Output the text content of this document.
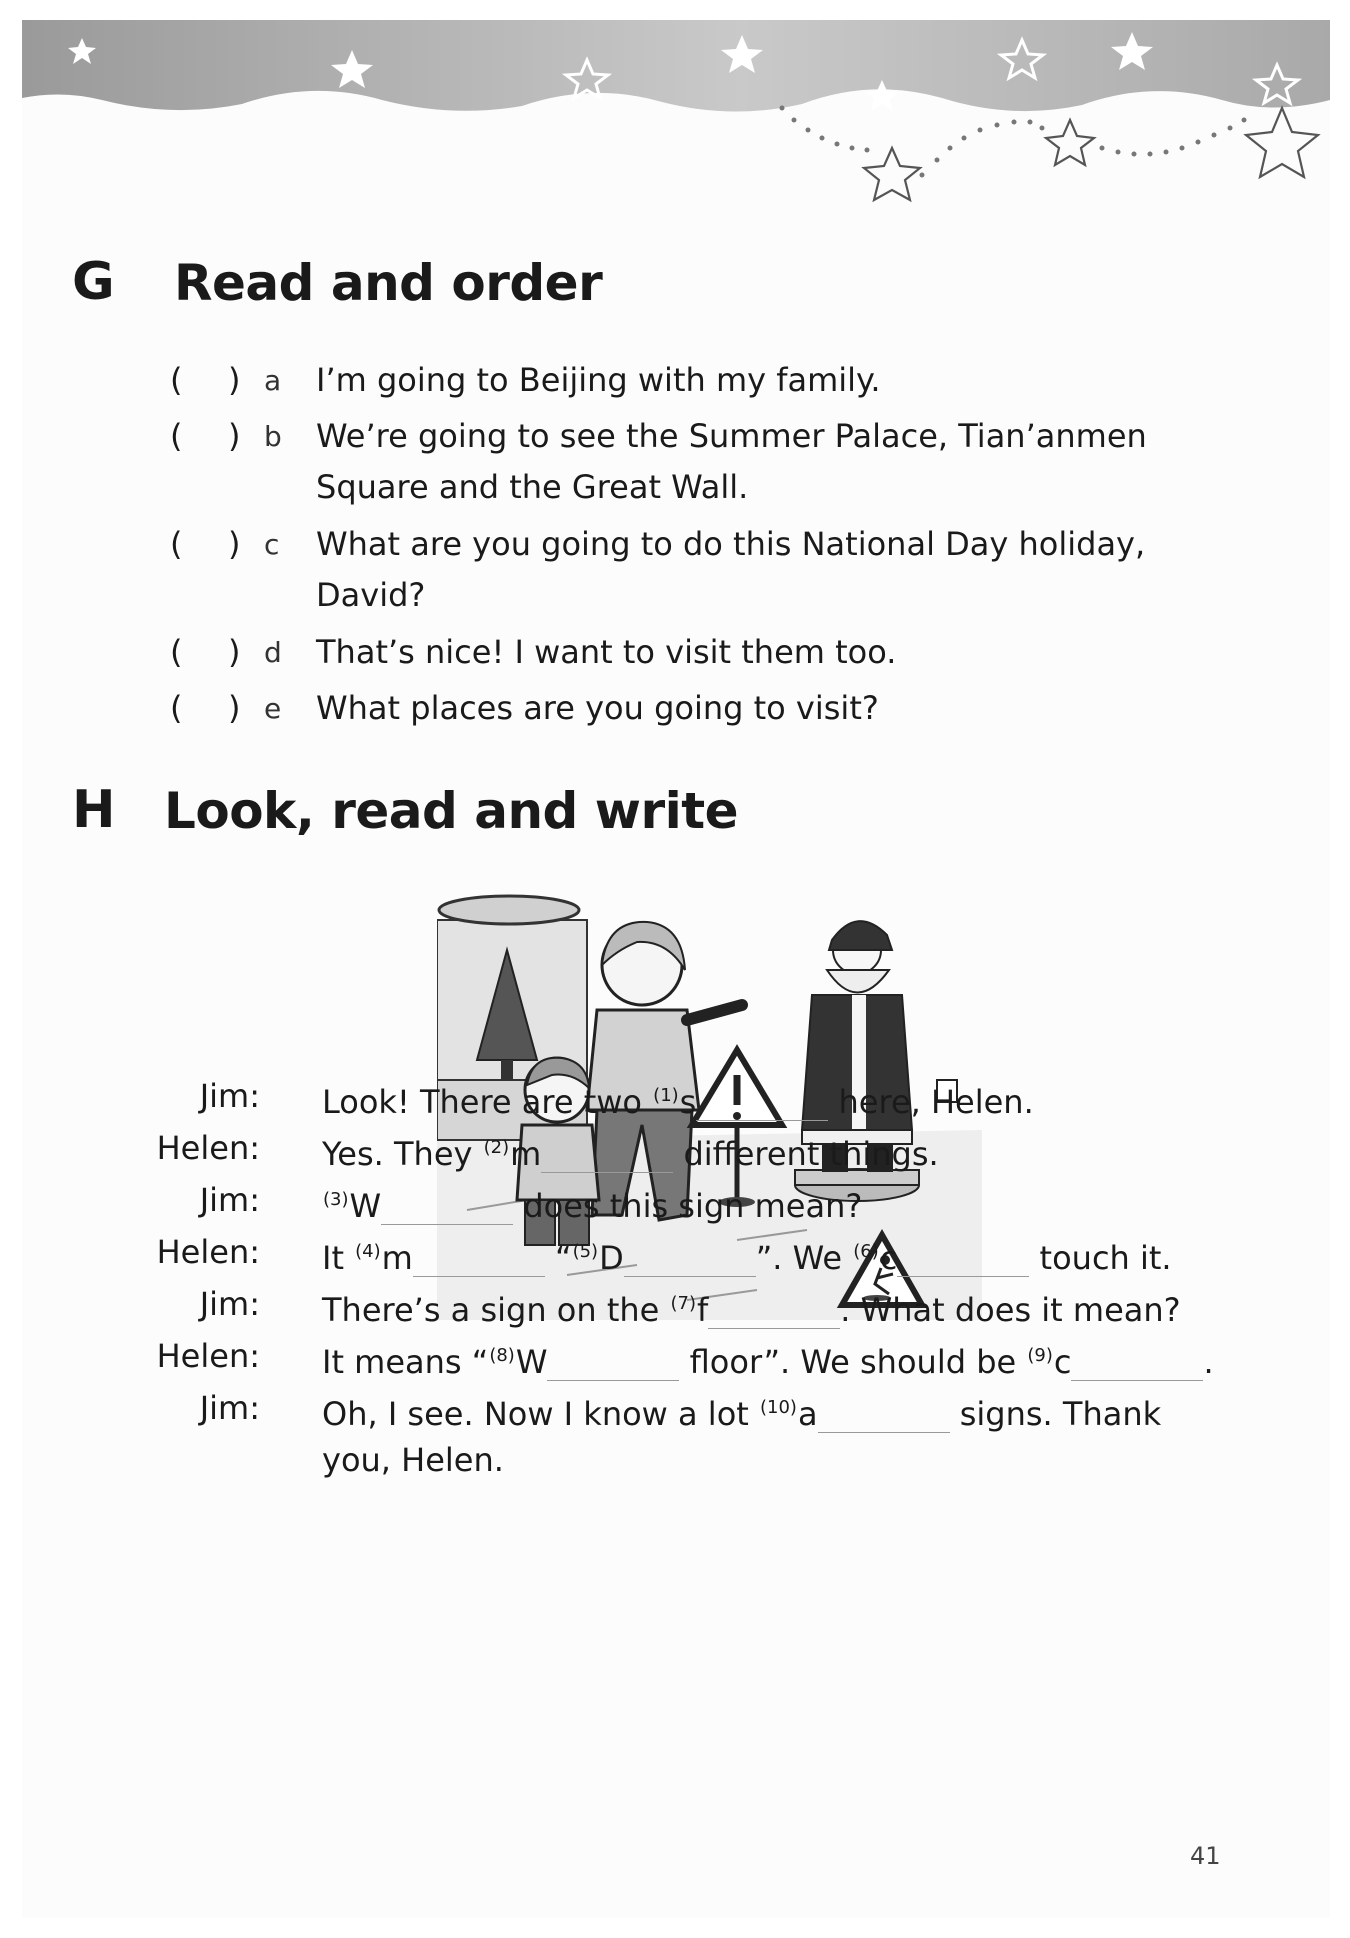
G Read and order
( ) a I’m going to Beijing with my family.
( ) b We’re going to see the Summer Palace, Tian’anmen
Square and the Great Wall.
( ) c What are you going to do this National Day holiday,
David?
( ) d That’s nice! I want to visit them too.
( ) e What places are you going to visit?
H Look, read and write
Jim: Look! There are two $^{(1)}$s	here, Helen.
Helen: Yes. They $^{(2)}$m	different things.
Jim:	$^{(3)}$W	does this sign mean?
Helen: It $^{(4)}$m	“$^{(5)}$D	”. We $^{(6)}$c	touch it.
Jim: There’s a sign on the $^{(7)}$f	. What does it mean?
Helen: It means “$^{(8)}$W	floor”. We should be $^{(9)}$c	.
Jim: Oh, I see. Now I know a lot $^{(10)}$a	signs. Thank
you, Helen.
41
